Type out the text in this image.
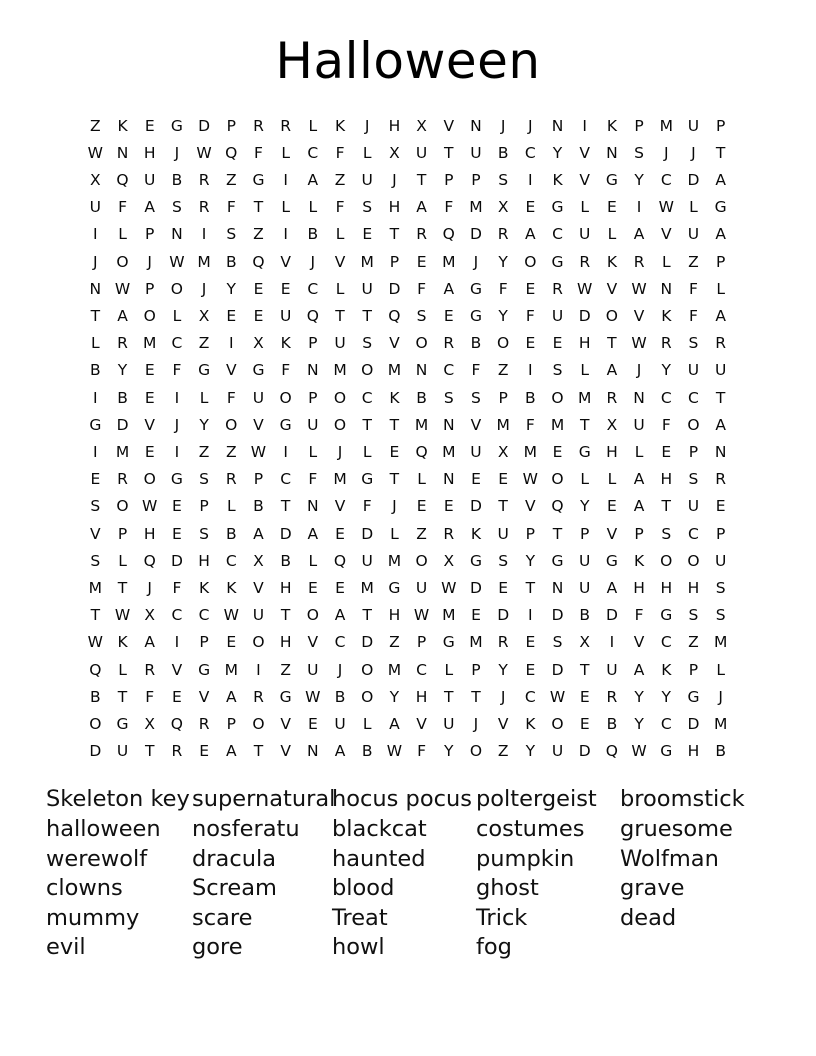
Halloween
Z	K	E	G	D	P	R	R	L	K	J	H	X	V	N	J	J	N	I	K	P	M	U	P
W	N	H	J	W	Q	F	L	C	F	L	X	U	T	U	B	C	Y	V	N	S	J	J	T
X	Q	U	B	R	Z	G	I	A	Z	U	J	T	P	P	S	I	K	V	G	Y	C	D	A
U	F	A	S	R	F	T	L	L	F	S	H	A	F	M	X	E	G	L	E	I	W	L	G
I	L	P	N	I	S	Z	I	B	L	E	T	R	Q	D	R	A	C	U	L	A	V	U	A
J	O	J	W	M	B	Q	V	J	V	M	P	E	M	J	Y	O	G	R	K	R	L	Z	P
N	W	P	O	J	Y	E	E	C	L	U	D	F	A	G	F	E	R	W	V	W	N	F	L
T	A	O	L	X	E	E	U	Q	T	T	Q	S	E	G	Y	F	U	D	O	V	K	F	A
L	R	M	C	Z	I	X	K	P	U	S	V	O	R	B	O	E	E	H	T	W	R	S	R
B	Y	E	F	G	V	G	F	N	M	O	M	N	C	F	Z	I	S	L	A	J	Y	U	U
I	B	E	I	L	F	U	O	P	O	C	K	B	S	S	P	B	O	M	R	N	C	C	T
G	D	V	J	Y	O	V	G	U	O	T	T	M	N	V	M	F	M	T	X	U	F	O	A
I	M	E	I	Z	Z	W	I	L	J	L	E	Q	M	U	X	M	E	G	H	L	E	P	N
E	R	O	G	S	R	P	C	F	M	G	T	L	N	E	E	W	O	L	L	A	H	S	R
S	O	W	E	P	L	B	T	N	V	F	J	E	E	D	T	V	Q	Y	E	A	T	U	E
V	P	H	E	S	B	A	D	A	E	D	L	Z	R	K	U	P	T	P	V	P	S	C	P
S	L	Q	D	H	C	X	B	L	Q	U	M	O	X	G	S	Y	G	U	G	K	O	O	U
M	T	J	F	K	K	V	H	E	E	M	G	U	W	D	E	T	N	U	A	H	H	H	S
T	W	X	C	C	W	U	T	O	A	T	H	W	M	E	D	I	D	B	D	F	G	S	S
W	K	A	I	P	E	O	H	V	C	D	Z	P	G	M	R	E	S	X	I	V	C	Z	M
Q	L	R	V	G	M	I	Z	U	J	O	M	C	L	P	Y	E	D	T	U	A	K	P	L
B	T	F	E	V	A	R	G	W	B	O	Y	H	T	T	J	C	W	E	R	Y	Y	G	J
O	G	X	Q	R	P	O	V	E	U	L	A	V	U	J	V	K	O	E	B	Y	C	D	M
D	U	T	R	E	A	T	V	N	A	B	W	F	Y	O	Z	Y	U	D	Q	W	G	H	B
Skeleton key
halloween
werewolf
clowns
mummy
evil
supernatural
nosferatu
dracula
Scream
scare
gore
hocus pocus
blackcat
haunted
blood
Treat
howl
poltergeist
costumes
pumpkin
ghost
Trick
fog
broomstick
gruesome
Wolfman
grave
dead
